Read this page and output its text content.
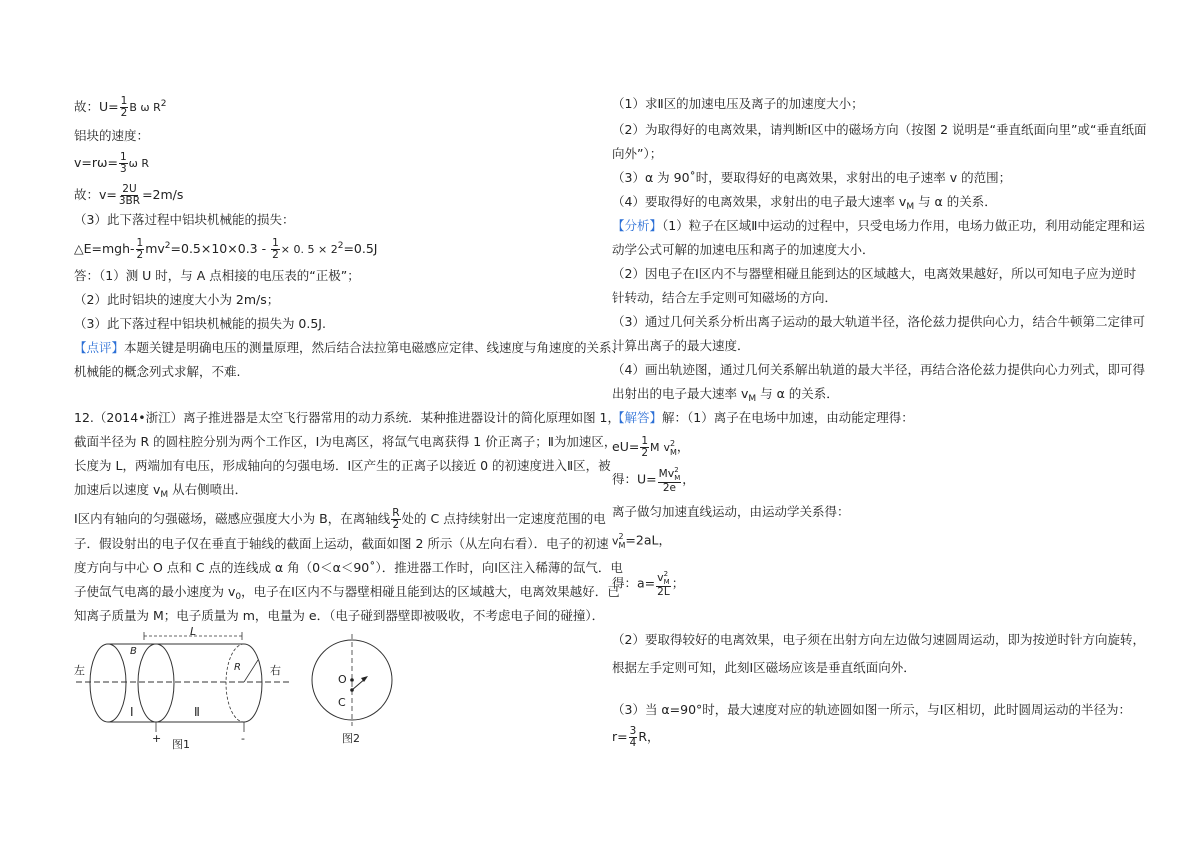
故：$U= \frac{1}{2}$ B ω $R^2$
铝块的速度：
$v=r\omega= \frac{1}{3}$ ω R
故：$v= \frac{2U}{3BR} =2m/s$
（3）此下落过程中铝块机械能的损失：
△E=mgh- $\frac{1}{2} mv^2=0.5\times 10\times 0.3 - \frac{1}{2} \times 0$. $5 \times 2^2=0.5J$
答：（1）测 U 时，与 A 点相接的电压表的“正极”；
（2）此时铝块的速度大小为 2m/s；
（3）此下落过程中铝块机械能的损失为 0.5J.
【点评】本题关键是明确电压的测量原理，然后结合法拉第电磁感应定律、线速度与角速度的关系、
机械能的概念列式求解，不难.
12.（2014•浙江）离子推进器是太空飞行器常用的动力系统．某种推进器设计的简化原理如图 1，
截面半径为 R 的圆柱腔分别为两个工作区，Ⅰ为电离区，将氙气电离获得 1 价正离子；Ⅱ为加速区，
长度为 L，两端加有电压，形成轴向的匀强电场．Ⅰ区产生的正离子以接近 0 的初速度进入Ⅱ区，被
加速后以速度 $v_M$ 从右侧喷出．
Ⅰ区内有轴向的匀强磁场，磁感应强度大小为 B，在离轴线 $\frac{R}{2}$ 处的 C 点持续射出一定速度范围的电
子．假设射出的电子仅在垂直于轴线的截面上运动，截面如图 2 所示（从左向右看）．电子的初速
度方向与中心 O 点和 C 点的连线成 α 角（0＜α＜90˚）．推进器工作时，向Ⅰ区注入稀薄的氙气．电
子使氙气电离的最小速度为 $v_0$，电子在Ⅰ区内不与器壁相碰且能到达的区域越大，电离效果越好．已
知离子质量为 M；电子质量为 m，电量为 e．（电子碰到器壁即被吸收，不考虑电子间的碰撞）．
左	右
L
B
R
Ⅰ	Ⅱ
+	-
图1
O
C
图2
（1）求Ⅱ区的加速电压及离子的加速度大小；
（2）为取得好的电离效果，请判断Ⅰ区中的磁场方向（按图 2 说明是“垂直纸面向里”或“垂直纸面
向外”）；
（3）α 为 90˚时，要取得好的电离效果，求射出的电子速率 v 的范围；
（4）要取得好的电离效果，求射出的电子最大速率 $v_M$ 与 α 的关系．
【分析】（1）粒子在区域Ⅱ中运动的过程中，只受电场力作用，电场力做正功，利用动能定理和运
动学公式可解的加速电压和离子的加速度大小．
（2）因电子在Ⅰ区内不与器壁相碰且能到达的区域越大，电离效果越好，所以可知电子应为逆时
针转动，结合左手定则可知磁场的方向．
（3）通过几何关系分析出离子运动的最大轨道半径，洛伦兹力提供向心力，结合牛顿第二定律可
计算出离子的最大速度．
（4）画出轨迹图，通过几何关系解出轨道的最大半径，再结合洛伦兹力提供向心力列式，即可得
出射出的电子最大速率 $v_M$ 与 α 的关系．
【解答】解：（1）离子在电场中加速，由动能定理得：
$eU= \frac{1}{2}$ M v 2
M ，
得：U= Mv 2
M
2e ，
离子做匀加速直线运动，由运动学关系得：
v 2
M =2aL，
得：a= v 2
M
2L ；
（2）要取得较好的电离效果，电子须在出射方向左边做匀速圆周运动，即为按逆时针方向旋转，
根据左手定则可知，此刻Ⅰ区磁场应该是垂直纸面向外．
（3）当 α=90°时，最大速度对应的轨迹圆如图一所示，与Ⅰ区相切，此时圆周运动的半径为：
$r= \frac{3}{4}$ R，
